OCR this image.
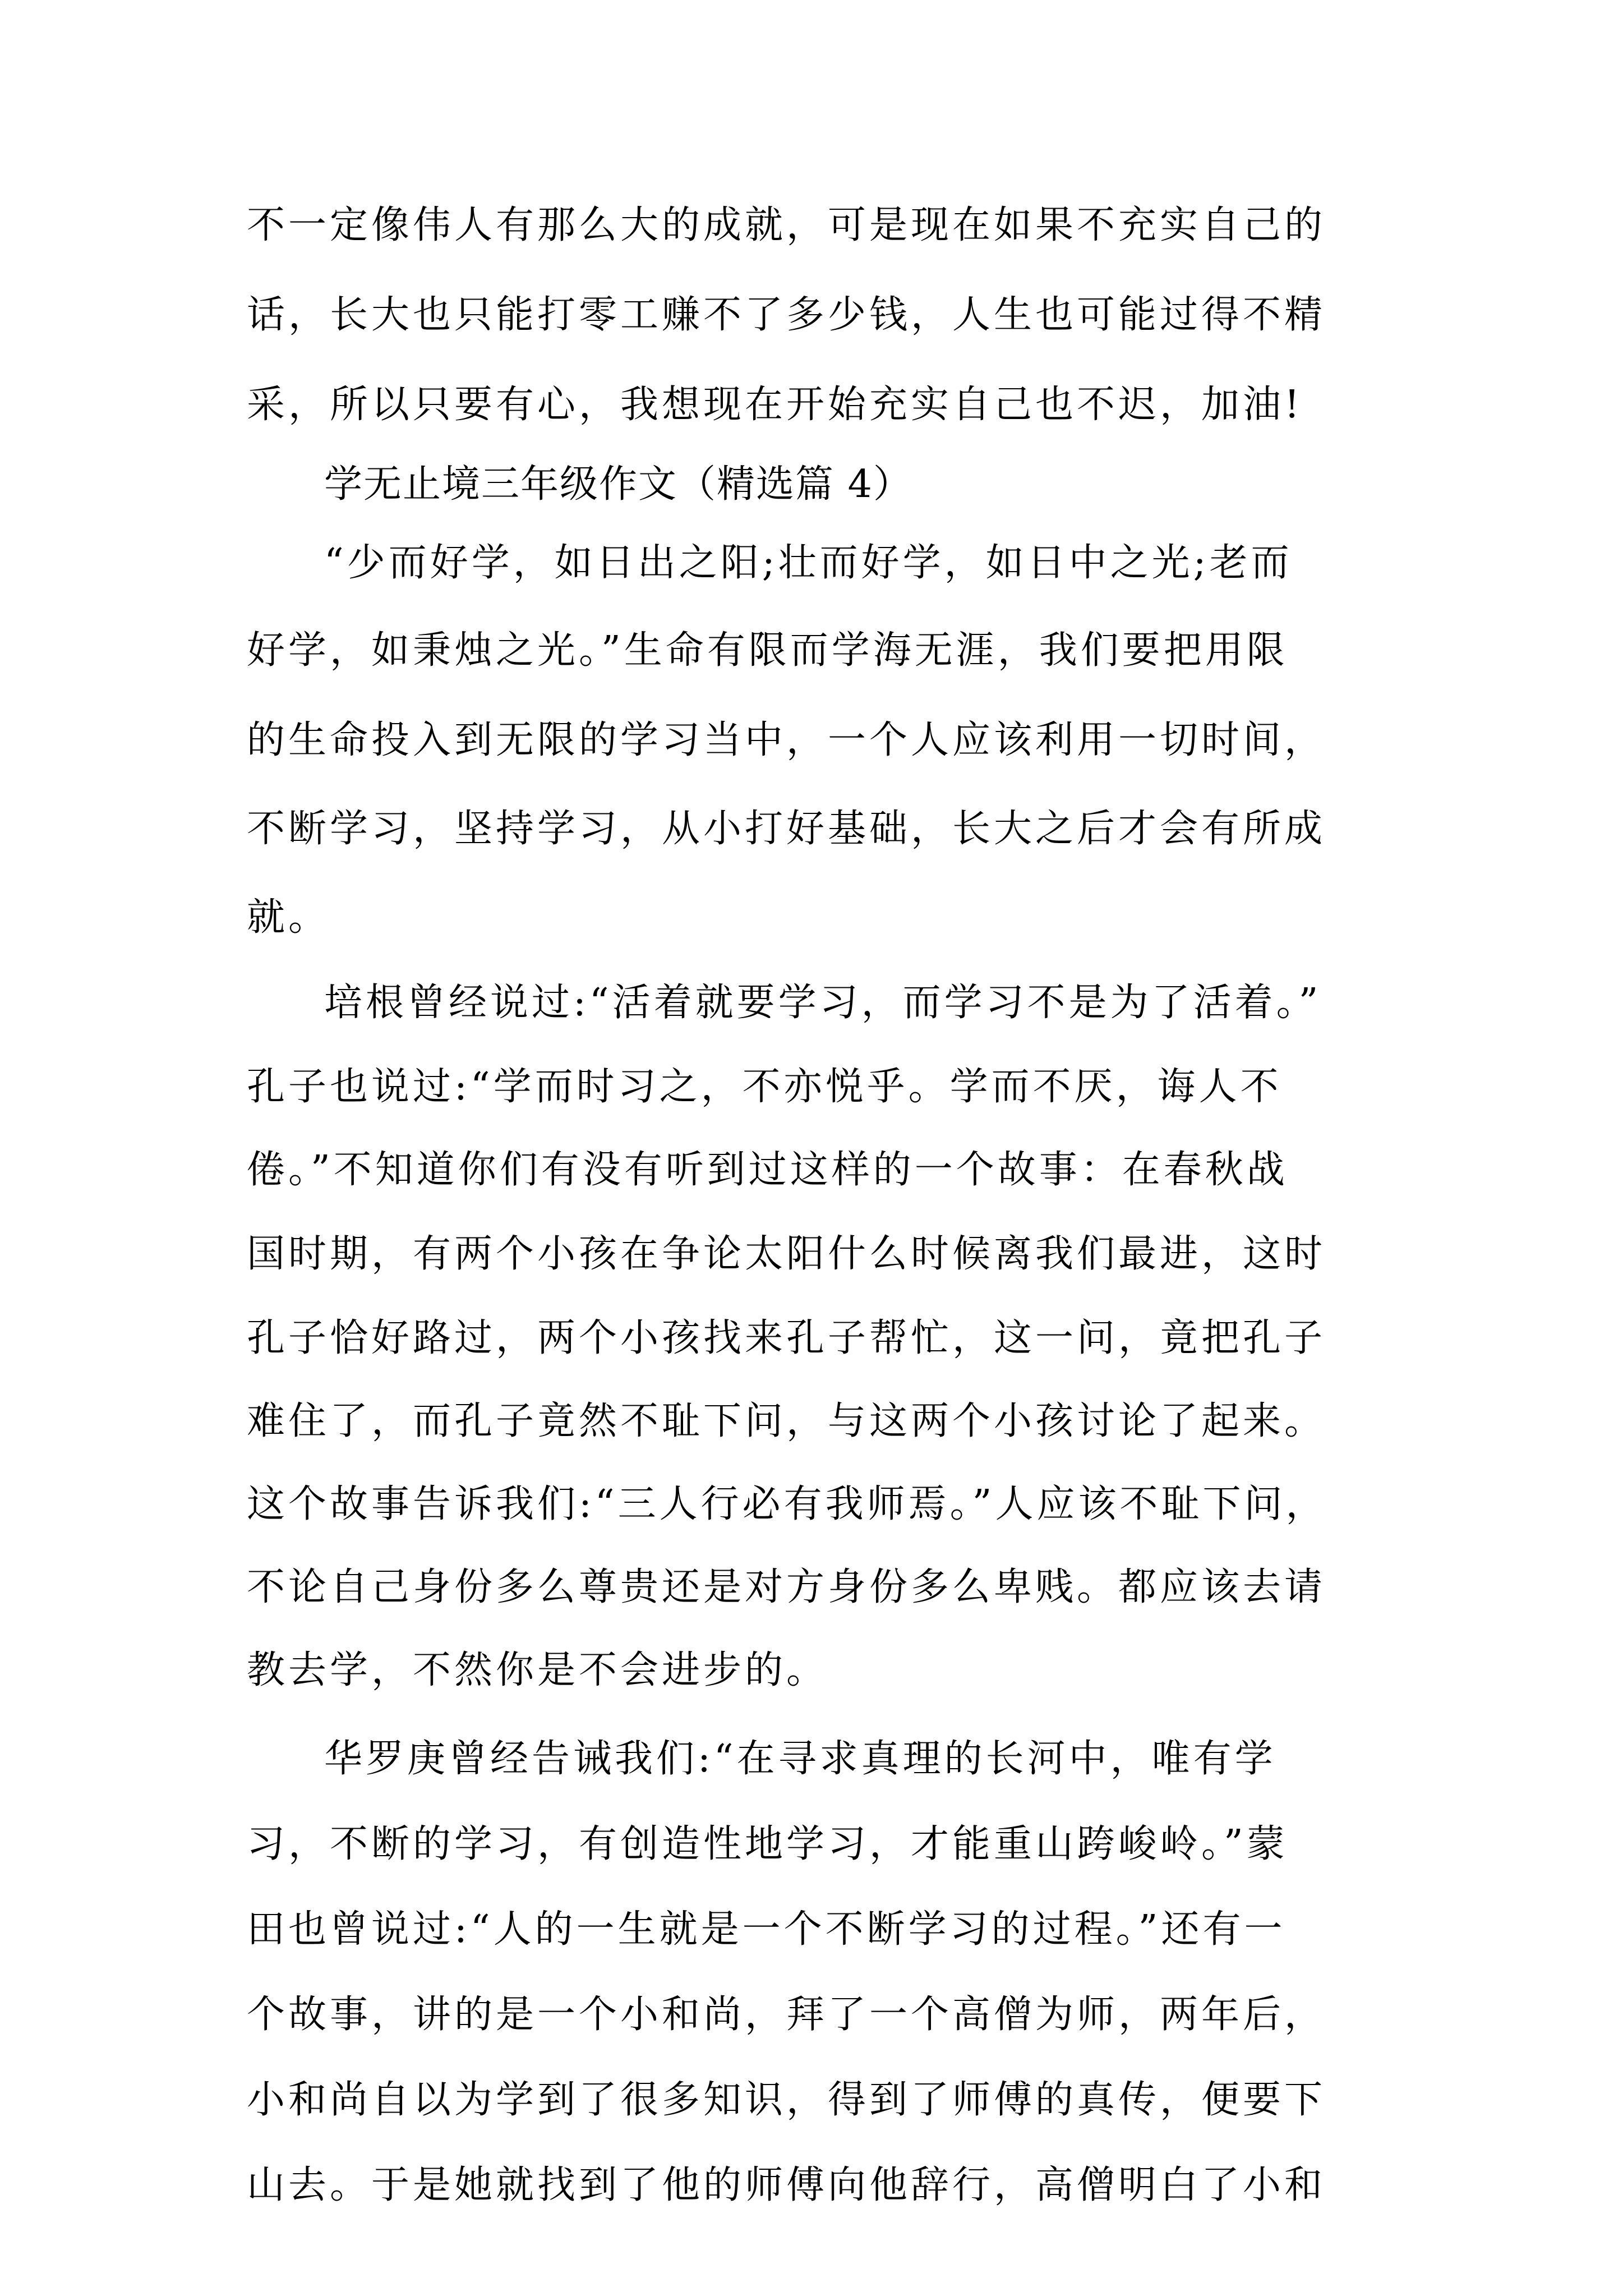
不一定像伟人有那么大的成就，可是现在如果不充实自己的
话，长大也只能打零工赚不了多少钱，人生也可能过得不精
采，所以只要有心，我想现在开始充实自己也不迟，加油!
学无止境三年级作文（精选篇 4）
“少而好学，如日出之阳;壮而好学，如日中之光;老而
好学，如秉烛之光。”生命有限而学海无涯，我们要把用限
的生命投入到无限的学习当中，一个人应该利用一切时间，
不断学习，坚持学习，从小打好基础，长大之后才会有所成
就。
培根曾经说过:“活着就要学习，而学习不是为了活着。”
孔子也说过:“学而时习之，不亦悦乎。学而不厌，诲人不
倦。”不知道你们有没有听到过这样的一个故事：在春秋战
国时期，有两个小孩在争论太阳什么时候离我们最进，这时
孔子恰好路过，两个小孩找来孔子帮忙，这一问，竟把孔子
难住了，而孔子竟然不耻下问，与这两个小孩讨论了起来。
这个故事告诉我们:“三人行必有我师焉。”人应该不耻下问，
不论自己身份多么尊贵还是对方身份多么卑贱。都应该去请
教去学，不然你是不会进步的。
华罗庚曾经告诫我们:“在寻求真理的长河中，唯有学
习，不断的学习，有创造性地学习，才能重山跨峻岭。”蒙
田也曾说过:“人的一生就是一个不断学习的过程。”还有一
个故事，讲的是一个小和尚，拜了一个高僧为师，两年后，
小和尚自以为学到了很多知识，得到了师傅的真传，便要下
山去。于是她就找到了他的师傅向他辞行，高僧明白了小和
